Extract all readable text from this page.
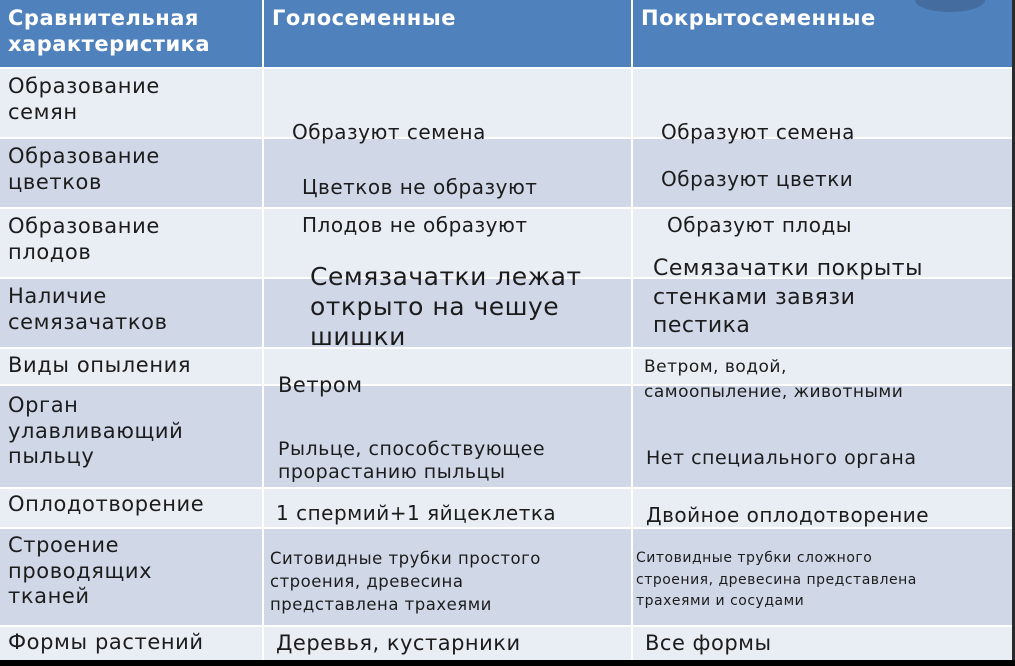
Сравнительная
характеристика
Голосеменные	Покрытосеменные
Образование
семян
Образование
цветков
Образование
плодов
Наличие
семязачатков
Виды опыления
Орган
улавливающий
пыльцу
Оплодотворение
Строение
проводящих
тканей
Формы растений
Образуют семена
Цветков не образуют
Плодов не образуют
Семязачатки лежат
открыто на чешуе
шишки
Ветром
Рыльце, способствующее
прорастанию пыльцы
1 спермий+1 яйцеклетка
Ситовидные трубки простого
строения, древесина
представлена трахеями
Деревья, кустарники
Образуют семена
Образуют цветки
Образуют плоды
Семязачатки покрыты
стенками завязи
пестика
Ветром, водой,
самоопыление, животными
Нет специального органа
Двойное оплодотворение
Ситовидные трубки сложного
строения, древесина представлена
трахеями и сосудами
Все формы
